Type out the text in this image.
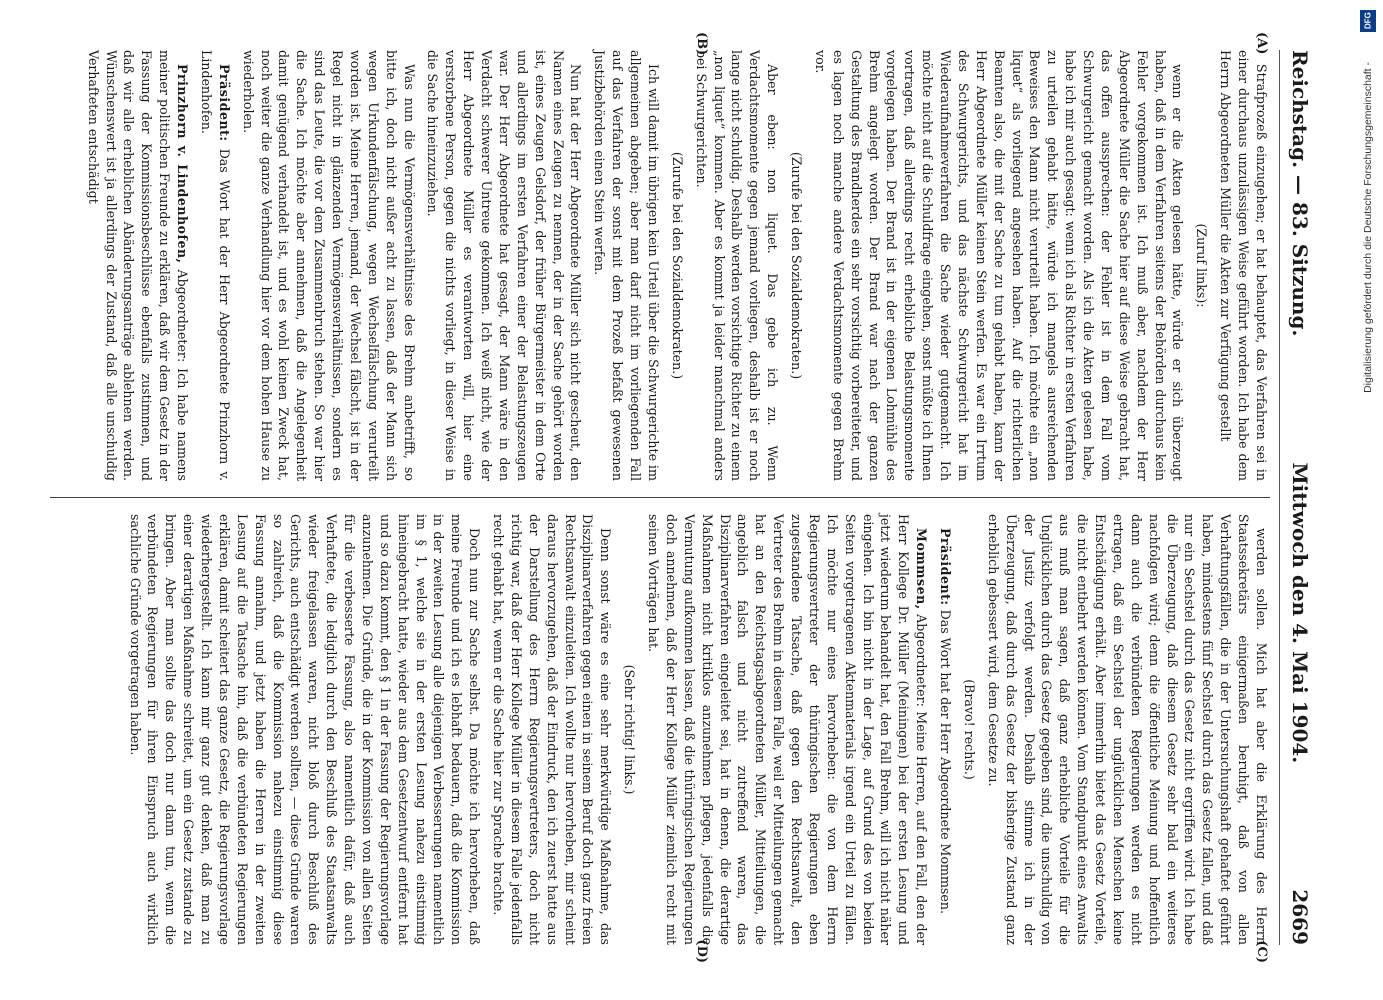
Reichstag. — 83. Sitzung.
Mittwoch den 4. Mai 1904.
2669
(A)
(B)

Strafprozeß einzugehen; er hat behauptet, das Verfahren sei in einer durchaus unzulässigen Weise geführt worden. Ich habe dem Herrn Abgeordneten Müller die Akten zur Verfügung gestellt

(Zuruf links):

wenn er die Akten gelesen hätte, würde er sich überzeugt haben, daß in dem Verfahren seitens der Behörden durchaus kein Fehler vorgekommen ist. Ich muß aber, nachdem der Herr Abgeordnete Müller die Sache hier auf diese Weise gebracht hat, das offen aussprechen: der Fehler ist in dem Fall vom Schwurgericht gemacht worden. Als ich die Akten gelesen habe, habe ich mir auch gesagt: wenn ich als Richter in ersten Verfahren zu urteilen gehabt hätte, würde ich mangels ausreichenden Beweises den Mann nicht verurteilt haben. Ich möchte ein „non liquet“ als vorliegend angesehen haben. Auf die richterlichen Beamten also, die mit der Sache zu tun gehabt haben, kann der Herr Abgeordnete Müller keinen Stein werfen. Es war ein Irrtum des Schwurgerichts, und das nächste Schwurgericht hat im Wiederaufnahmeverfahren die Sache wieder gutgemacht. Ich möchte nicht auf die Schuldfrage eingehen, sonst müßte ich Ihnen vortragen, daß allerdings recht erhebliche Belastungsmomente vorgelegen haben. Der Brand ist in der eigenen Lohmühle des Brehm angelegt worden. Der Brand war nach der ganzen Gestaltung des Brandherdes ein sehr vorsichtig vorbereiteter, und es lagen noch manche andere Verdachtsmomente gegen Brehm vor.

(Zurufe bei den Sozialdemokraten.)

Aber eben: non liquet. Das gebe ich zu. Wenn Verdachtsmomente gegen jemand vorliegen, deshalb ist er noch lange nicht schuldig. Deshalb werden vorsichtige Richter zu einem „non liquet“ kommen. Aber es kommt ja leider manchmal anders bei Schwurgerichten.

(Zurufe bei den Sozialdemokraten.)

Ich will damit im übrigen kein Urteil über die Schwurgerichte im allgemeinen abgeben; aber man darf nicht im vorliegenden Fall auf das Verfahren der sonst mit dem Prozeß befaßt gewesenen Justizbehörden einen Stein werfen.

Nun hat der Herr Abgeordnete Müller sich nicht gescheut, den Namen eines Zeugen zu nennen, der in der Sache gehört worden ist, eines Zeugen Gelsdorf, der früher Bürgermeister in dem Orte und allerdings im ersten Verfahren einer der Belastungszeugen war. Der Herr Abgeordnete hat gesagt, der Mann wäre in den Verdacht schwerer Untreue gekommen. Ich weiß nicht, wie der Herr Abgeordnete Müller es verantworten will, hier eine verstorbene Person, gegen die nichts vorliegt, in dieser Weise in die Sache hineinzuziehen.

Was nun die Vermögensverhältnisse des Brehm anbetrifft, so bitte ich, doch nicht außer acht zu lassen, daß der Mann sich wegen Urkundenfälschung, wegen Wechselfälschung verurteilt worden ist. Meine Herren, jemand, der Wechsel fälscht, ist in der Regel nicht in glänzenden Vermögensverhältnissen, sondern es sind das Leute, die vor dem Zusammenbruch stehen. So war hier die Sache. Ich möchte aber annehmen, daß die Angelegenheit damit genügend verhandelt ist, und es wohl keinen Zweck hat, noch weiter die ganze Verhandlung hier vor dem hohen Hause zu wiederholen.

Präsident: Das Wort hat der Herr Abgeordnete Prinzhorn v. Lindenhofen.

Prinzhorn v. Lindenhofen, Abgeordneter: Ich habe namens meiner politischen Freunde zu erklären, daß wir dem Gesetz in der Fassung der Kommissionsbeschlüsse ebenfalls zustimmen, und daß wir alle erheblichen Abänderungsanträge ablehnen werden. Wünschenswert ist ja allerdings der Zustand, daß alle unschuldig Verhafteten entschädigt

(C)
(D)

werden sollen. Mich hat aber die Erklärung des Herrn Staatssekretärs einigermaßen beruhigt, daß von allen Verhaftungsfällen, die in der Untersuchungshaft gehaftet geführt haben, mindestens fünf Sechstel durch das Gesetz fallen, und daß nur ein Sechstel durch das Gesetz nicht ergriffen wird. Ich habe die Überzeugung, daß diesem Gesetz sehr bald ein weiteres nachfolgen wird; denn die öffentliche Meinung und hoffentlich dann auch die verbündeten Regierungen werden es nicht ertragen, daß ein Sechstel der unglücklichen Menschen keine Entschädigung erhält. Aber immerhin bietet das Gesetz Vorteile, die nicht entbehrt werden können. Vom Standpunkt eines Anwalts aus muß man sagen, daß ganz erhebliche Vorteile für die Unglücklichen durch das Gesetz gegeben sind, die unschuldig von der Justiz verfolgt werden. Deshalb stimme ich in der Überzeugung, daß durch das Gesetz der bisherige Zustand ganz erheblich gebessert wird, dem Gesetze zu.

(Bravo! rechts.)

Präsident: Das Wort hat der Herr Abgeordnete Mommsen.

Mommsen, Abgeordneter: Meine Herren, auf den Fall, den der Herr Kollege Dr. Müller (Meiningen) bei der ersten Lesung und jetzt wiederum behandelt hat, den Fall Brehm, will ich nicht näher eingehen. Ich bin nicht in der Lage, auf Grund des von beiden Seiten vorgetragenen Aktenmaterials irgend ein Urteil zu fällen. Ich möchte nur eines hervorheben: die von dem Herrn Regierungsvertreter der thüringischen Regierungen eben zugestandene Tatsache, daß gegen den Rechtsanwalt, den Vertreter des Brehm in diesem Falle, weil er Mitteilungen gemacht hat an den Reichstagsabgeordneten Müller, Mitteilungen, die angeblich falsch und nicht zutreffend waren, das Disziplinarverfahren eingeleitet sei, hat in denen, die derartige Maßnahmen nicht kritiklos anzunehmen pflegen, jedenfalls die Vermutung aufkommen lassen, daß die thüringischen Regierungen doch annehmen, daß der Herr Kollege Müller ziemlich recht mit seinen Vorträgen hat.

(Sehr richtig! links.)

Denn sonst wäre es eine sehr merkwürdige Maßnahme, das Disziplinarverfahren gegen einen in seinem Beruf doch ganz freien Rechtsanwalt einzuleiten. Ich wollte nur hervorheben, mir scheint daraus hervorzugehen, daß der Eindruck, den ich zuerst hatte aus der Darstellung des Herrn Regierungsvertreters, doch nicht richtig war, daß der Herr Kollege Müller in diesem Falle jedenfalls recht gehabt hat, wenn er die Sache hier zur Sprache brachte.

Doch nun zur Sache selbst. Da möchte ich hervorheben, daß meine Freunde und ich es lebhaft bedauern, daß die Kommission in der zweiten Lesung alle diejenigen Verbesserungen namentlich im § 1, welche sie in der ersten Lesung nahezu einstimmig hineingebracht hatte, wieder aus dem Gesetzentwurf entfernt hat und so dazu kommt, den § 1 in der Fassung der Regierungsvorlage anzunehmen. Die Gründe, die in der Kommission von allen Seiten für die verbesserte Fassung, also namentlich dafür, daß auch Verhaftete, die lediglich durch den Beschluß des Staatsanwalts wieder freigelassen waren, nicht bloß durch Beschluß des Gerichts, auch entschädigt werden sollten, — diese Gründe waren so zahlreich, daß die Kommission nahezu einstimmig diese Fassung annahm, und jetzt haben die Herren in der zweiten Lesung auf die Tatsache hin, daß die verbündeten Regierungen erklären, damit scheitert das ganze Gesetz, die Regierungsvorlage wiederhergestellt. Ich kann mir ganz gut denken, daß man zu einer derartigen Maßnahme schreitet, um ein Gesetz zustande zu bringen. Aber man sollte das doch nur dann tun, wenn die verbündeten Regierungen für ihren Einspruch auch wirklich sachliche Gründe vorgetragen haben.

DFG
Digitalisierung gefördert durch die Deutsche Forschungsgemeinschaft -
